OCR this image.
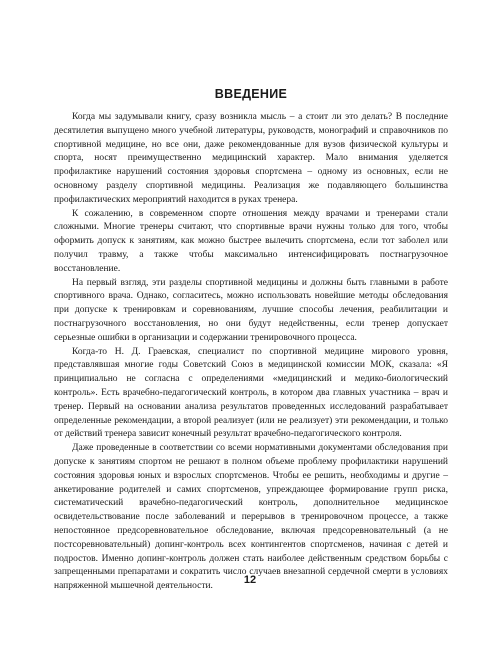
ВВЕДЕНИЕ

Когда мы задумывали книгу, сразу возникла мысль – а стоит ли это делать? В последние десятилетия выпущено много учебной литературы, руководств, монографий и справочников по спортивной медицине, но все они, даже рекомендованные для вузов физической культуры и спорта, носят преимущественно медицинский характер. Мало внимания уделяется профилактике нарушений состояния здоровья спортсмена – одному из основных, если не основному разделу спортивной медицины. Реализация же подавляющего большинства профилактических мероприятий находится в руках тренера.

К сожалению, в современном спорте отношения между врачами и тренерами стали сложными. Многие тренеры считают, что спортивные врачи нужны только для того, чтобы оформить допуск к занятиям, как можно быстрее вылечить спортсмена, если тот заболел или получил травму, а также чтобы максимально интенсифицировать постнагрузочное восстановление.

На первый взгляд, эти разделы спортивной медицины и должны быть главными в работе спортивного врача. Однако, согласитесь, можно использовать новейшие методы обследования при допуске к тренировкам и соревнованиям, лучшие способы лечения, реабилитации и постнагрузочного восстановления, но они будут недейственны, если тренер допускает серьезные ошибки в организации и содержании тренировочного процесса.

Когда-то Н. Д. Граевская, специалист по спортивной медицине мирового уровня, представлявшая многие годы Советский Союз в медицинской комиссии МОК, сказала: «Я принципиально не согласна с определениями «медицинский и медико-биологический контроль». Есть врачебно-педагогический контроль, в котором два главных участника – врач и тренер. Первый на основании анализа результатов проведенных исследований разрабатывает определенные рекомендации, а второй реализует (или не реализует) эти рекомендации, и только от действий тренера зависит конечный результат врачебно-педагогического контроля.

Даже проведенные в соответствии со всеми нормативными документами обследования при допуске к занятиям спортом не решают в полном объеме проблему профилактики нарушений состояния здоровья юных и взрослых спортсменов. Чтобы ее решить, необходимы и другие – анкетирование родителей и самих спортсменов, упреждающее формирование групп риска, систематический врачебно-педагогический контроль, дополнительное медицинское освидетельствование после заболеваний и перерывов в тренировочном процессе, а также непостоянное предсоревновательное обследование, включая предсоревновательный (а не постсоревновательный) допинг-контроль всех контингентов спортсменов, начиная с детей и подростов. Именно допинг-контроль должен стать наиболее действенным средством борьбы с запрещенными препаратами и сократить число случаев внезапной сердечной смерти в условиях напряженной мышечной деятельности.

12
